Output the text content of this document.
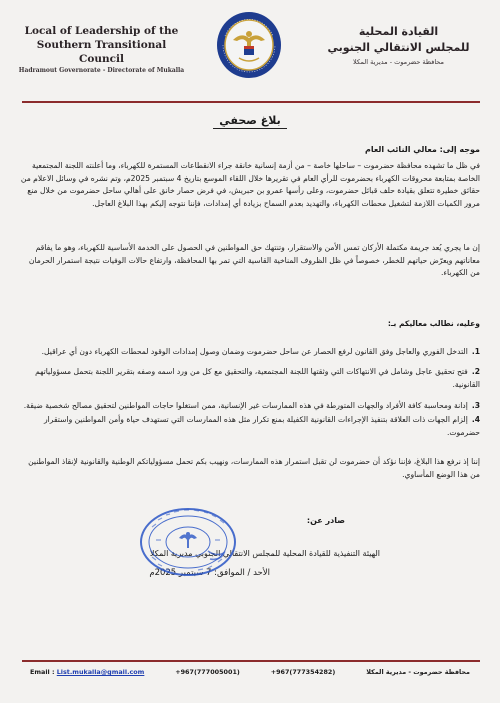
Local of Leadership of the
Southern Transitional Council
Hadramout Governorate - Directorate of Mukalla
القيادة المحلية
للمجلس الانتقالي الجنوبي
محافظة حضرموت - مديرية المكلا
بلاغ صحفي
موجه إلى: معالي النائب العام
في ظل ما تشهده محافظة حضرموت – ساحلها خاصة – من أزمة إنسانية خانقة جراء الانقطاعات المستمرة للكهرباء، وما أعلنته اللجنة المجتمعية الخاصة بمتابعة محروقات الكهرباء بحضرموت للرأي العام في تقريرها خلال اللقاء الموسع بتاريخ 4 سبتمبر 2025م، وتم نشره في وسائل الاعلام من حقائق خطيرة تتعلق بقيادة حلف قبائل حضرموت، وعلى رأسها عمرو بن حبريش، في فرض حصار خانق على أهالي ساحل حضرموت من خلال منع مرور الكميات اللازمة لتشغيل محطات الكهرباء، والتهديد بعدم السماح بزيادة أي إمدادات، فإننا نتوجه إليكم بهذا البلاغ العاجل.
إن ما يجري يُعد جريمة مكتملة الأركان تمس الأمن والاستقرار، وتنتهك حق المواطنين في الحصول على الخدمة الأساسية للكهرباء، وهو ما يفاقم معاناتهم ويعرّض حياتهم للخطر، خصوصاً في ظل الظروف المناخية القاسية التي تمر بها المحافظة، وارتفاع حالات الوفيات نتيجة استمرار الحرمان من الكهرباء.
وعليه، نطالب معاليكم بـ:
1.التدخل الفوري والعاجل وفق القانون لرفع الحصار عن ساحل حضرموت وضمان وصول إمدادات الوقود لمحطات الكهرباء دون أي عراقيل.
2.فتح تحقيق عاجل وشامل في الانتهاكات التي وثقتها اللجنة المجتمعية، والتحقيق مع كل من ورد اسمه وصفه بتقرير اللجنة بتحمل مسؤولياتهم القانونية.
3.إدانة ومحاسبة كافة الأفراد والجهات المتورطة في هذه الممارسات غير الإنسانية، ممن استغلوا حاجات المواطنين لتحقيق مصالح شخصية ضيقة.
4.إلزام الجهات ذات العلاقة بتنفيذ الإجراءات القانونية الكفيلة بمنع تكرار مثل هذه الممارسات التي تستهدف حياة وأمن المواطنين واستقرار حضرموت.
إننا إذ نرفع هذا البلاغ، فإننا نؤكد أن حضرموت لن تقبل استمرار هذه الممارسات، ونهيب بكم تحمل مسؤولياتكم الوطنية والقانونية لإنقاذ المواطنين من هذا الوضع المأساوي.
صادر عن:
الهيئة التنفيذية للقيادة المحلية للمجلس الانتقالي الجنوبي مديرية المكلا
الأحد / الموافق: 7 سبتمبر 2025م
Email : List.mukalla@gmail.com	+967(777005001)	+967(777354282)	محافظة حضرموت - مديرية المكلا
